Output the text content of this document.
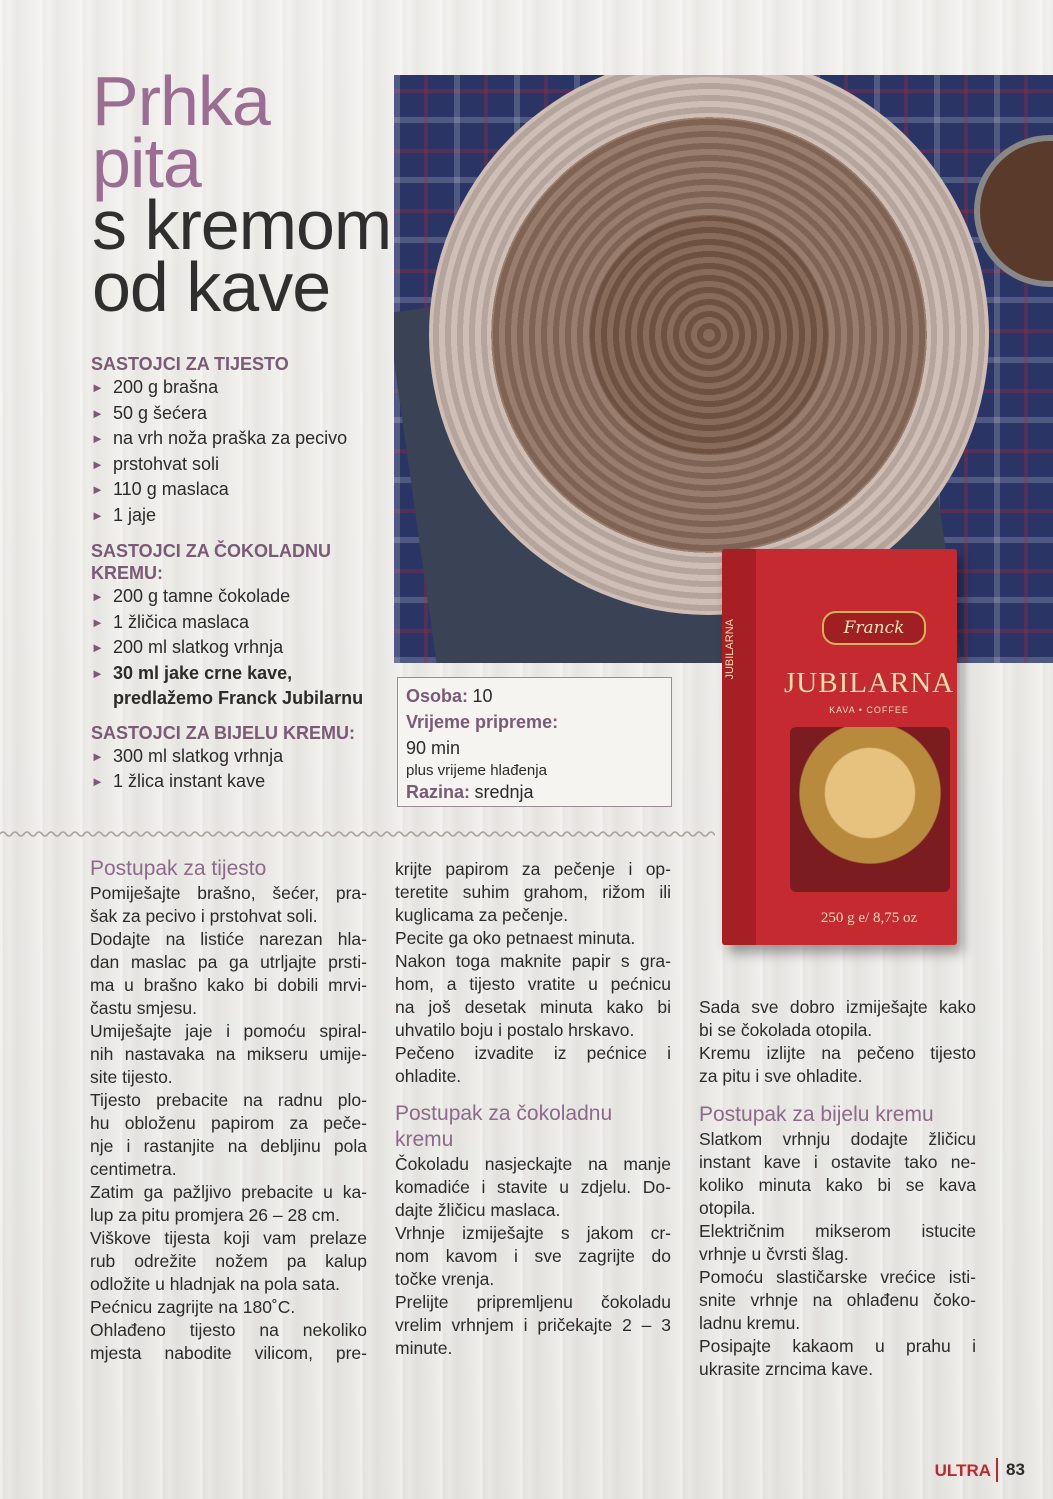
Prhka
pita
s kremom
od kave
SASTOJCI ZA TIJESTO
► 200 g brašna
► 50 g šećera
► na vrh noža praška za pecivo
► prstohvat soli
► 110 g maslaca
► 1 jaje
SASTOJCI ZA ČOKOLADNU
KREMU:
► 200 g tamne čokolade
► 1 žličica maslaca
► 200 ml slatkog vrhnja
► 30 ml jake crne kave,
predlažemo Franck Jubilarnu
SASTOJCI ZA BIJELU KREMU:
► 300 ml slatkog vrhnja
► 1 žlica instant kave
Osoba: 10
Vrijeme pripreme:
90 min
plus vrijeme hlađenja
Razina: srednja
JUBILARNA	Franck
JUBILARNA
KAVA • COFFEE
250 g e/ 8,75 oz
Postupak za tijesto
Pomiješajte brašno, šećer, pra-
šak za pecivo i prstohvat soli.
Dodajte na listiće narezan hla-
dan maslac pa ga utrljajte prsti-
ma u brašno kako bi dobili mrvi-
častu smjesu.
Umiješajte jaje i pomoću spiral-
nih nastavaka na mikseru umije-
site tijesto.
Tijesto prebacite na radnu plo-
hu obloženu papirom za peče-
nje i rastanjite na debljinu pola
centimetra.
Zatim ga pažljivo prebacite u ka-
lup za pitu promjera 26 – 28 cm.
Viškove tijesta koji vam prelaze
rub odrežite nožem pa kalup
odložite u hladnjak na pola sata.
Pećnicu zagrijte na 180˚C.
Ohlađeno tijesto na nekoliko
mjesta nabodite vilicom, pre-
krijte papirom za pečenje i op-
teretite suhim grahom, rižom ili
kuglicama za pečenje.
Pecite ga oko petnaest minuta.
Nakon toga maknite papir s gra-
hom, a tijesto vratite u pećnicu
na još desetak minuta kako bi
uhvatilo boju i postalo hrskavo.
Pečeno izvadite iz pećnice i
ohladite.
Postupak za čokoladnu
kremu
Čokoladu nasjeckajte na manje
komadiće i stavite u zdjelu. Do-
dajte žličicu maslaca.
Vrhnje izmiješajte s jakom cr-
nom kavom i sve zagrijte do
točke vrenja.
Prelijte pripremljenu čokoladu
vrelim vrhnjem i pričekajte 2 – 3
minute.
Sada sve dobro izmiješajte kako
bi se čokolada otopila.
Kremu izlijte na pečeno tijesto
za pitu i sve ohladite.
Postupak za bijelu kremu
Slatkom vrhnju dodajte žličicu
instant kave i ostavite tako ne-
koliko minuta kako bi se kava
otopila.
Električnim mikserom istucite
vrhnje u čvrsti šlag.
Pomoću slastičarske vrećice isti-
snite vrhnje na ohlađenu čoko-
ladnu kremu.
Posipajte kakaom u prahu i
ukrasite zrncima kave.
ULTRA 83
